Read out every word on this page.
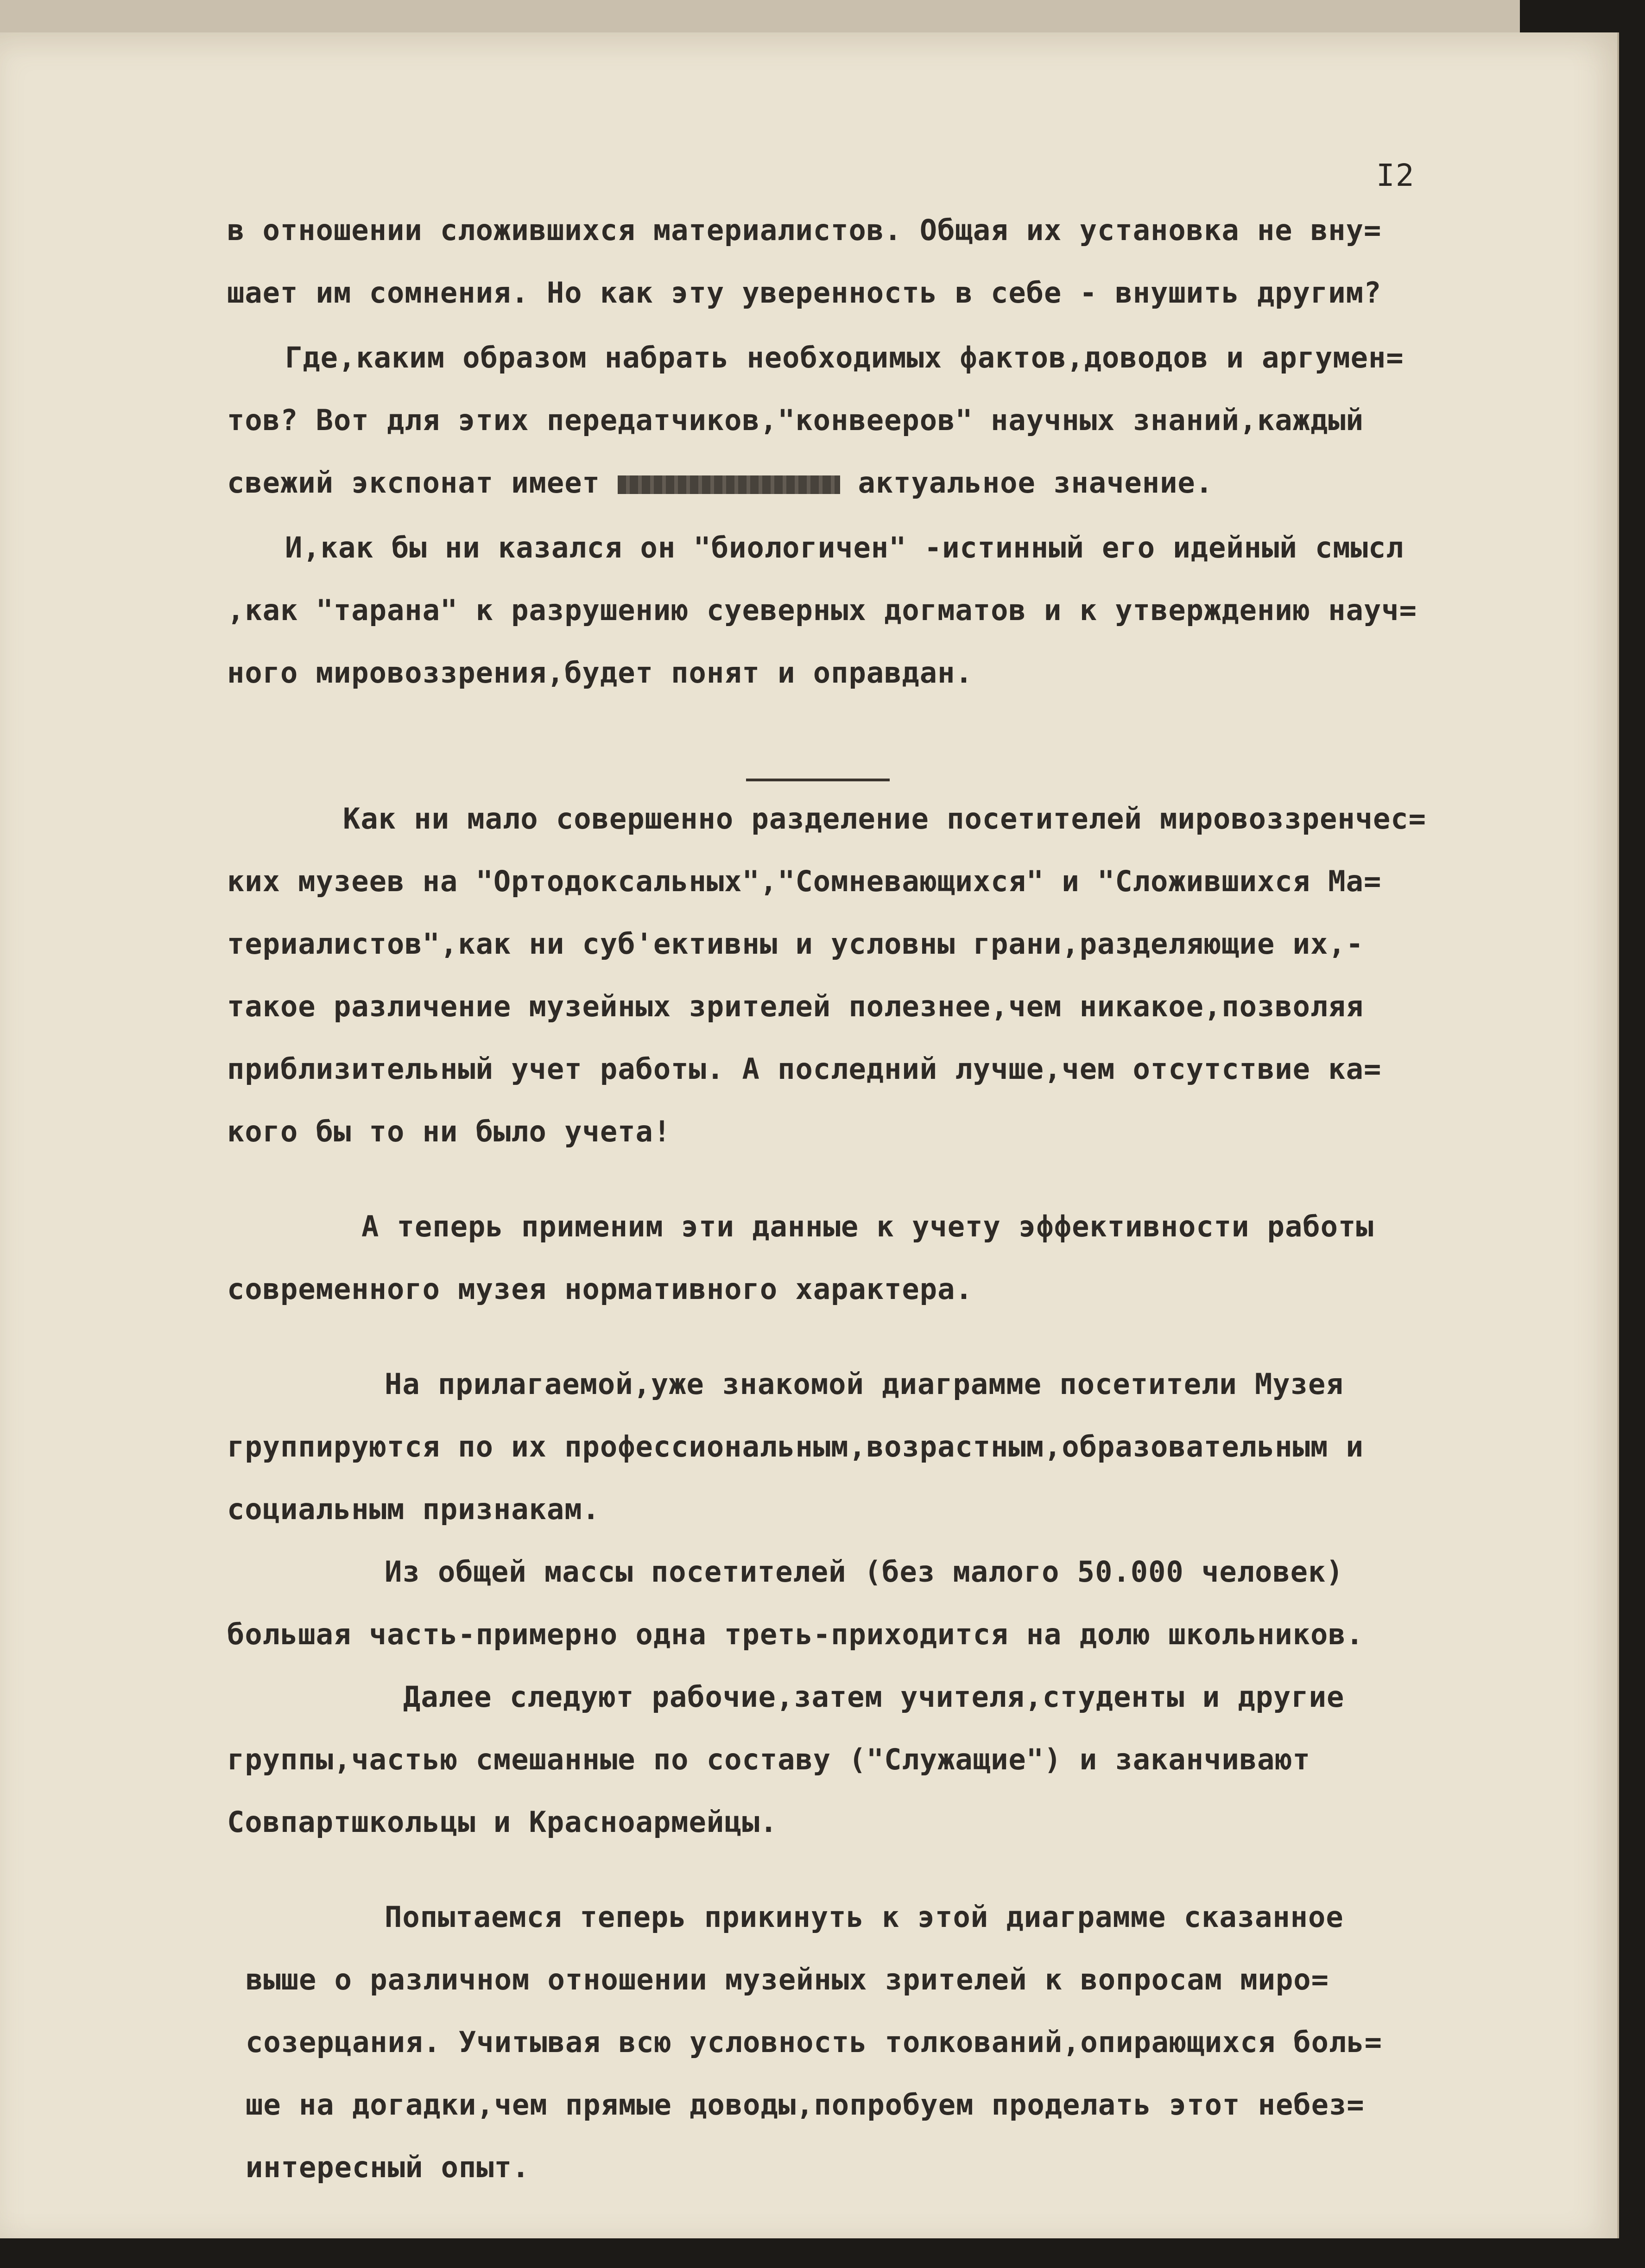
I2
в отношении сложившихся материалистов. Общая их установка не вну=
шает им сомнения. Но как эту уверенность в себе - внушить другим?
Где,каким образом набрать необходимых фактов,доводов и аргумен=
тов? Вот для этих передатчиков,"конвееров" научных знаний,каждый
свежий экспонат имеет	актуальное значение.
И,как бы ни казался он "биологичен" -истинный его идейный смысл
,как "тарана" к разрушению суеверных догматов и к утверждению науч=
ного мировоззрения,будет понят и оправдан.
Как ни мало совершенно разделение посетителей мировоззренчес=
ких музеев на "Ортодоксальных","Сомневающихся" и "Сложившихся Ма=
териалистов",как ни суб'ективны и условны грани,разделяющие их,-
такое различение музейных зрителей полезнее,чем никакое,позволяя
приблизительный учет работы. А последний лучше,чем отсутствие ка=
кого бы то ни было учета!
А теперь применим эти данные к учету эффективности работы
современного музея нормативного характера.
На прилагаемой,уже знакомой диаграмме посетители Музея
группируются по их профессиональным,возрастным,образовательным и
социальным признакам.
Из общей массы посетителей (без малого 50.000 человек)
большая часть-примерно одна треть-приходится на долю школьников.
Далее следуют рабочие,затем учителя,студенты и другие
группы,частью смешанные по составу ("Служащие") и заканчивают
Совпартшкольцы и Красноармейцы.
Попытаемся теперь прикинуть к этой диаграмме сказанное
выше о различном отношении музейных зрителей к вопросам миро=
созерцания. Учитывая всю условность толкований,опирающихся боль=
ше на догадки,чем прямые доводы,попробуем проделать этот небез=
интересный опыт.
